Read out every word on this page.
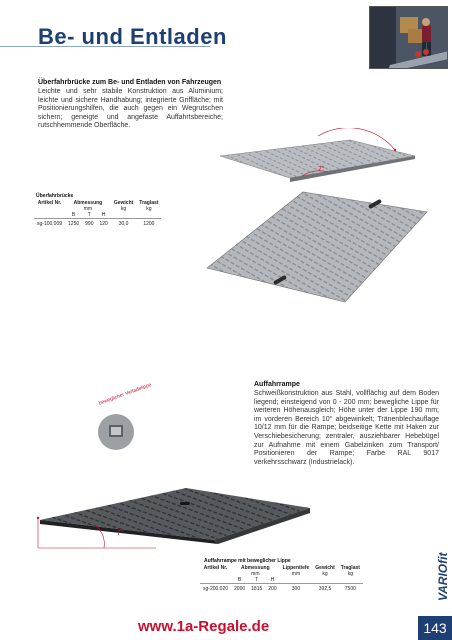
Be- und Entladen
Überfahrbrücke zum Be- und Entladen von Fahrzeugen

Leichte und sehr stabile Konstruktion aus Aluminium; leichte und sichere Handhabung; integrierte Griffläche; mit Positionierungshilfen, die auch gegen ein Wegrutschen sichern; geneigte und angefaste Auffahrtsbereiche; rutschhemmende Oberfläche.

7°
Überfahrbrücke
Artikel Nr.	Abmessung			Gewicht	Traglast
	mm			kg	kg
	B	T	H		
sg-100.009	1250	990	120	30,0	1200
Auffahrrampe

Schweißkonstruktion aus Stahl, vollflächig auf dem Boden liegend; einsteigend von 0 - 200 mm; bewegliche Lippe für weiteren Höhenausgleich; Höhe unter der Lippe 190 mm; im vorderen Bereich 10° abgewinkelt; Tränenblechauflage 10/12 mm für die Rampe; beidseitige Kette mit Haken zur Verschiebesicherung; zentraler, ausziehbarer Hebebügel zur Aufnahme mit einem Gabelzinken zum Transport/ Positionieren der Rampe; Farbe RAL 9017 verkehrsschwarz (Industrielack).

beweglicher Verladelippe
7°
Auffahrrampe mit beweglicher Lippe
Artikel Nr.	Abmessung			Lippentiefe	Gewicht	Traglast
	mm			mm	kg	kg
	B	T	H			
sg-200.020	2000	1815	200	300	392,5	7500	VARIOfit
www.1a-Regale.de	143
